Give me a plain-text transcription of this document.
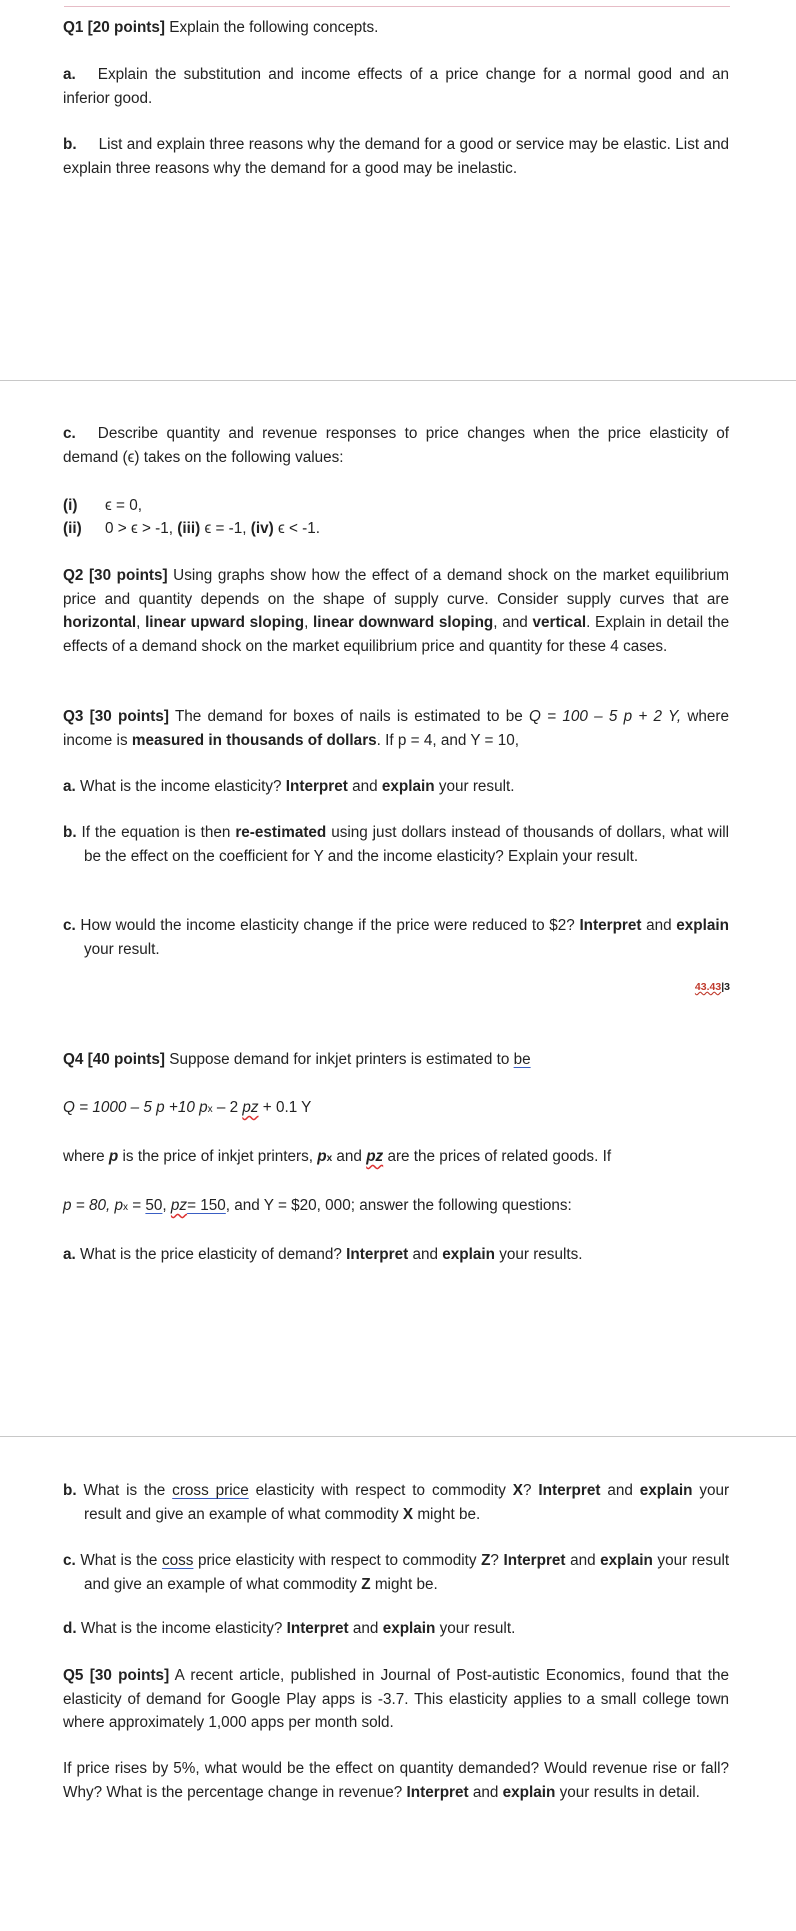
Q1 [20 points] Explain the following concepts.
a. Explain the substitution and income effects of a price change for a normal good and an inferior good.
b. List and explain three reasons why the demand for a good or service may be elastic. List and explain three reasons why the demand for a good may be inelastic.
c. Describe quantity and revenue responses to price changes when the price elasticity of demand (ϵ) takes on the following values:
(i) ϵ = 0,
(ii) 0 > ϵ > -1, (iii) ϵ = -1, (iv) ϵ < -1.
Q2 [30 points] Using graphs show how the effect of a demand shock on the market equilibrium price and quantity depends on the shape of supply curve. Consider supply curves that are horizontal, linear upward sloping, linear downward sloping, and vertical. Explain in detail the effects of a demand shock on the market equilibrium price and quantity for these 4 cases.
Q3 [30 points] The demand for boxes of nails is estimated to be Q = 100 – 5 p + 2 Y, where income is measured in thousands of dollars. If p = 4, and Y = 10,
a. What is the income elasticity? Interpret and explain your result.
b. If the equation is then re-estimated using just dollars instead of thousands of dollars, what will be the effect on the coefficient for Y and the income elasticity? Explain your result.
c. How would the income elasticity change if the price were reduced to $2? Interpret and explain your result.
43.43|3
Q4 [40 points] Suppose demand for inkjet printers is estimated to be
Q = 1000 – 5 p +10 px – 2 pz + 0.1 Y
where p is the price of inkjet printers, px and pz are the prices of related goods. If
p = 80, px = 50, pz= 150, and Y = $20, 000; answer the following questions:
a. What is the price elasticity of demand? Interpret and explain your results.
b. What is the cross price elasticity with respect to commodity X? Interpret and explain your result and give an example of what commodity X might be.
c. What is the coss price elasticity with respect to commodity Z? Interpret and explain your result and give an example of what commodity Z might be.
d. What is the income elasticity? Interpret and explain your result.
Q5 [30 points] A recent article, published in Journal of Post-autistic Economics, found that the elasticity of demand for Google Play apps is -3.7. This elasticity applies to a small college town where approximately 1,000 apps per month sold.
If price rises by 5%, what would be the effect on quantity demanded? Would revenue rise or fall? Why? What is the percentage change in revenue? Interpret and explain your results in detail.
